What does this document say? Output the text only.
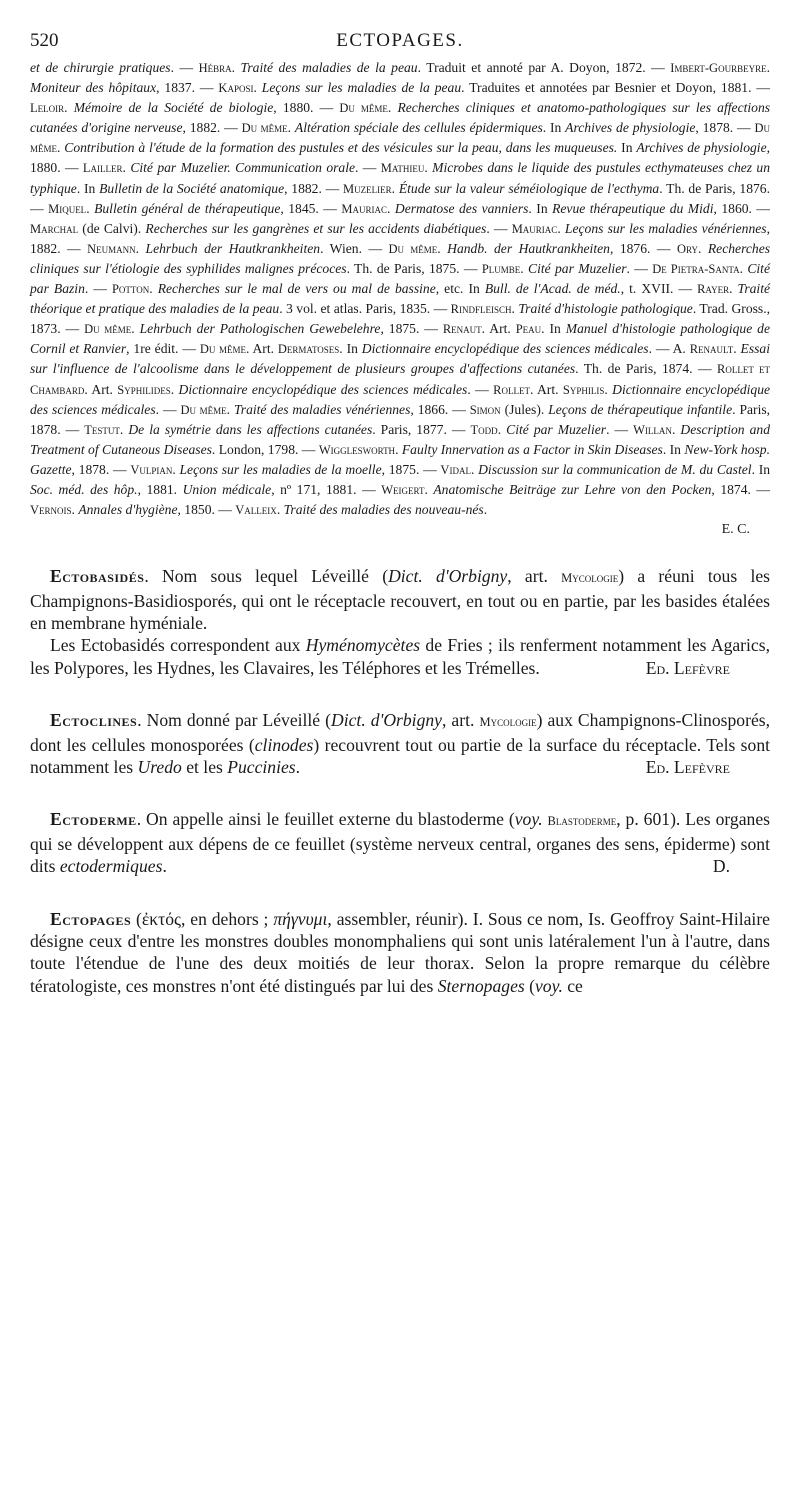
520	ECTOPAGES.

et de chirurgie pratiques. — Hébra. Traité des maladies de la peau. Traduit et annoté par A. Doyon, 1872. — Imbert-Gourbeyre. Moniteur des hôpitaux, 1837. — Kaposi. Leçons sur les maladies de la peau. Traduites et annotées par Besnier et Doyon, 1881. — Leloir. Mémoire de la Société de biologie, 1880. — Du même. Recherches cliniques et anatomo-pathologiques sur les affections cutanées d'origine nerveuse, 1882. — Du même. Altération spéciale des cellules épidermiques. In Archives de physiologie, 1878. — Du même. Contribution à l'étude de la formation des pustules et des vésicules sur la peau, dans les muqueuses. In Archives de physiologie, 1880. — Lailler. Cité par Muzelier. Communication orale. — Mathieu. Microbes dans le liquide des pustules ecthymateuses chez un typhique. In Bulletin de la Société anatomique, 1882. — Muzelier. Étude sur la valeur séméiologique de l'ecthyma. Th. de Paris, 1876. — Miquel. Bulletin général de thérapeutique, 1845. — Mauriac. Dermatose des vanniers. In Revue thérapeutique du Midi, 1860. — Marchal (de Calvi). Recherches sur les gangrènes et sur les accidents diabétiques. — Mauriac. Leçons sur les maladies vénériennes, 1882. — Neumann. Lehrbuch der Hautkrankheiten. Wien. — Du même. Handb. der Hautkrankheiten, 1876. — Ory. Recherches cliniques sur l'étiologie des syphilides malignes précoces. Th. de Paris, 1875. — Plumbe. Cité par Muzelier. — De Pietra-Santa. Cité par Bazin. — Potton. Recherches sur le mal de vers ou mal de bassine, etc. In Bull. de l'Acad. de méd., t. XVII. — Rayer. Traité théorique et pratique des maladies de la peau. 3 vol. et atlas. Paris, 1835. — Rindfleisch. Traité d'histologie pathologique. Trad. Gross., 1873. — Du même. Lehrbuch der Pathologischen Gewebelehre, 1875. — Renaut. Art. Peau. In Manuel d'histologie pathologique de Cornil et Ranvier, 1re édit. — Du même. Art. Dermatoses. In Dictionnaire encyclopédique des sciences médicales. — A. Renault. Essai sur l'influence de l'alcoolisme dans le développement de plusieurs groupes d'affections cutanées. Th. de Paris, 1874. — Rollet et Chambard. Art. Syphilides. Dictionnaire encyclopédique des sciences médicales. — Rollet. Art. Syphilis. Dictionnaire encyclopédique des sciences médicales. — Du même. Traité des maladies vénériennes, 1866. — Simon (Jules). Leçons de thérapeutique infantile. Paris, 1878. — Testut. De la symétrie dans les affections cutanées. Paris, 1877. — Todd. Cité par Muzelier. — Willan. Description and Treatment of Cutaneous Diseases. London, 1798. — Wigglesworth. Faulty Innervation as a Factor in Skin Diseases. In New-York hosp. Gazette, 1878. — Vulpian. Leçons sur les maladies de la moelle, 1875. — Vidal. Discussion sur la communication de M. du Castel. In Soc. méd. des hôp., 1881. Union médicale, nº 171, 1881. — Weigert. Anatomische Beiträge zur Lehre von den Pocken, 1874. — Vernois. Annales d'hygiène, 1850. — Valleix. Traité des maladies des nouveau-nés.

E. C.

Ectobasidés. Nom sous lequel Léveillé (Dict. d'Orbigny, art. Mycologie) a réuni tous les Champignons-Basidiosporés, qui ont le réceptacle recouvert, en tout ou en partie, par les basides étalées en membrane hyméniale.

Les Ectobasidés correspondent aux Hyménomycètes de Fries ; ils renferment notamment les Agarics, les Polypores, les Hydnes, les Clavaires, les Téléphores et les Trémelles.	Ed. Lefèvre

Ectoclines. Nom donné par Léveillé (Dict. d'Orbigny, art. Mycologie) aux Champignons-Clinosporés, dont les cellules monosporées (clinodes) recouvrent tout ou partie de la surface du réceptacle. Tels sont notamment les Uredo et les Puccinies.	Ed. Lefèvre

Ectoderme. On appelle ainsi le feuillet externe du blastoderme (voy. Blastoderme, p. 601). Les organes qui se développent aux dépens de ce feuillet (système nerveux central, organes des sens, épiderme) sont dits ectodermiques.	D.

Ectopages (ἐκτός, en dehors ; πήγνυμι, assembler, réunir). I. Sous ce nom, Is. Geoffroy Saint-Hilaire désigne ceux d'entre les monstres doubles monomphaliens qui sont unis latéralement l'un à l'autre, dans toute l'étendue de l'une des deux moitiés de leur thorax. Selon la propre remarque du célèbre tératologiste, ces monstres n'ont été distingués par lui des Sternopages (voy. ce
